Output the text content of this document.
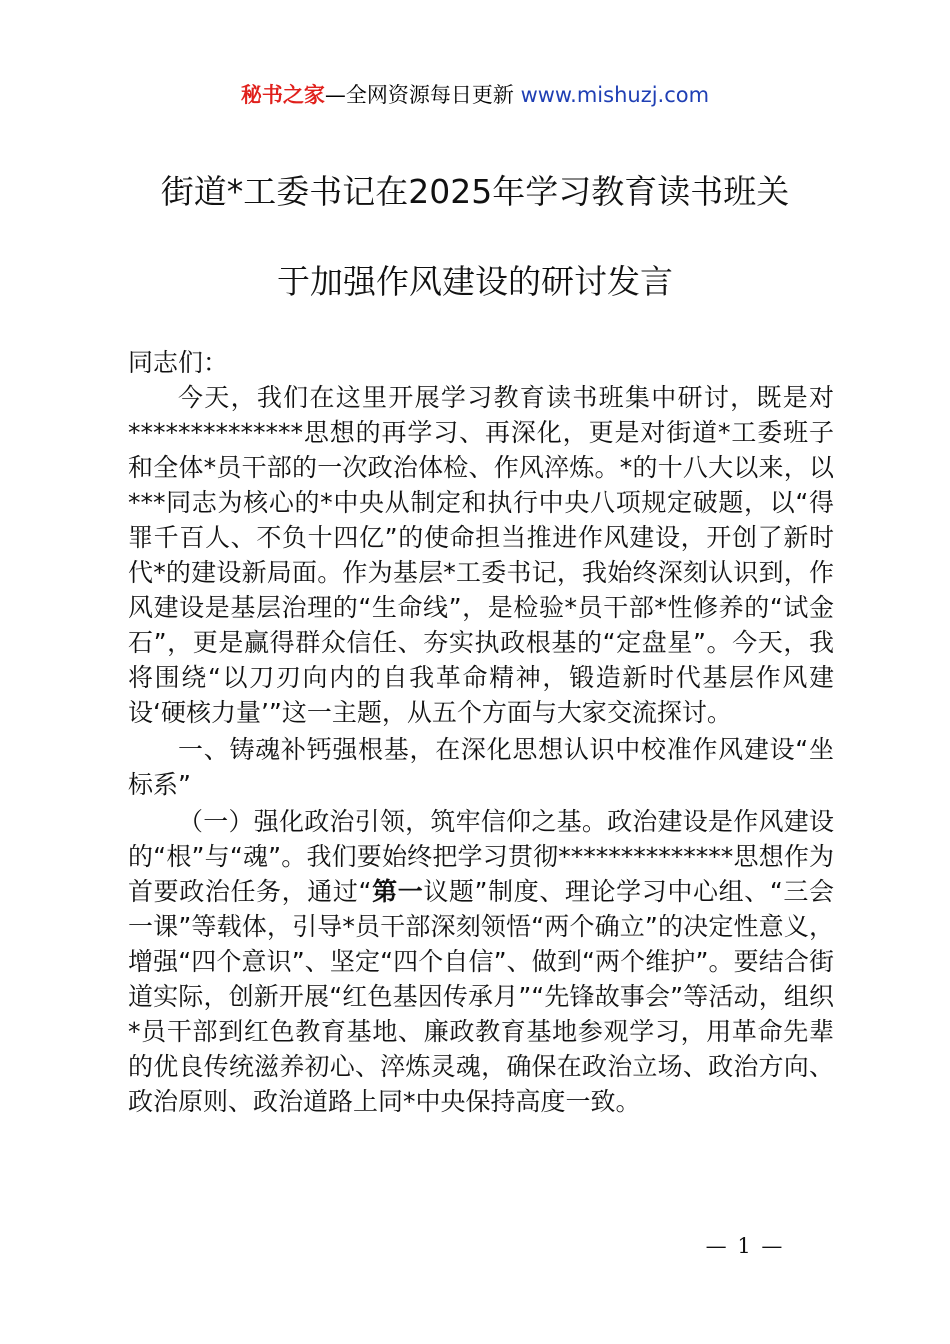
秘书之家—全网资源每日更新 www.mishuzj.com
街道*工委书记在2025年学习教育读书班关
于加强作风建设的研讨发言

同志们：

今天，我们在这里开展学习教育读书班集中研讨，既是对**************思想的再学习、再深化，更是对街道*工委班子和全体*员干部的一次政治体检、作风淬炼。*的十八大以来，以***同志为核心的*中央从制定和执行中央八项规定破题，以“得罪千百人、不负十四亿”的使命担当推进作风建设，开创了新时代*的建设新局面。作为基层*工委书记，我始终深刻认识到，作风建设是基层治理的“生命线”，是检验*员干部*性修养的“试金石”，更是赢得群众信任、夯实执政根基的“定盘星”。今天，我将围绕“以刀刃向内的自我革命精神，锻造新时代基层作风建设‘硬核力量’”这一主题，从五个方面与大家交流探讨。

一、铸魂补钙强根基，在深化思想认识中校准作风建设“坐标系”

（一）强化政治引领，筑牢信仰之基。政治建设是作风建设的“根”与“魂”。我们要始终把学习贯彻**************思想作为首要政治任务，通过“第一议题”制度、理论学习中心组、“三会一课”等载体，引导*员干部深刻领悟“两个确立”的决定性意义，增强“四个意识”、坚定“四个自信”、做到“两个维护”。要结合街道实际，创新开展“红色基因传承月”“先锋故事会”等活动，组织*员干部到红色教育基地、廉政教育基地参观学习，用革命先辈的优良传统滋养初心、淬炼灵魂，确保在政治立场、政治方向、政治原则、政治道路上同*中央保持高度一致。

— 1 —
